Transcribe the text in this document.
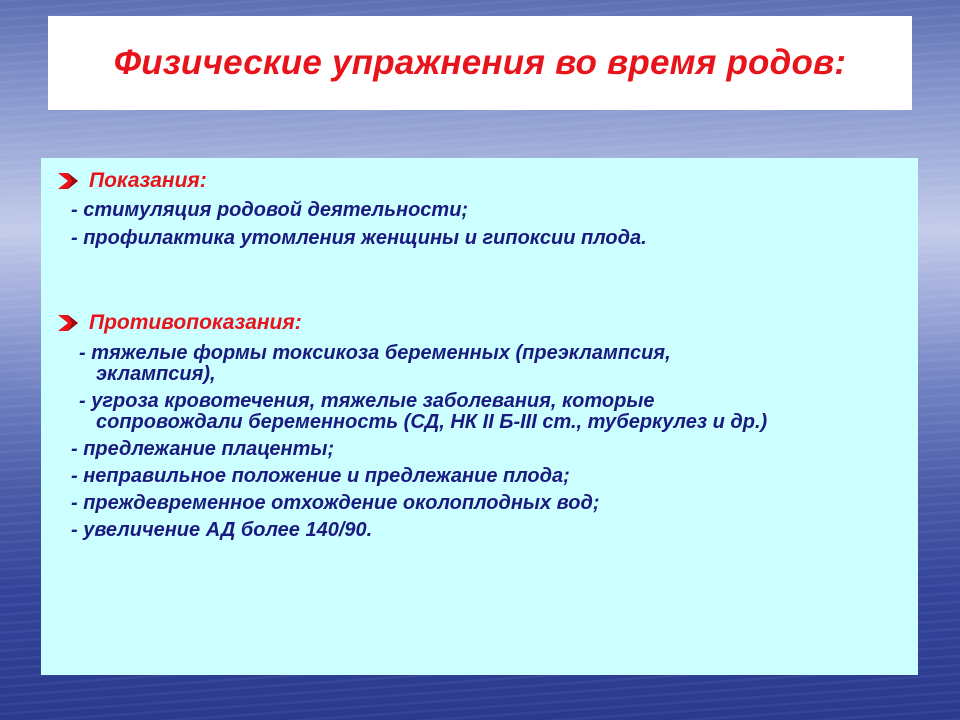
Физические упражнения во время родов:
Показания:
- стимуляция родовой деятельности;
- профилактика утомления женщины и гипоксии плода.
Противопоказания:
- тяжелые формы токсикоза беременных (преэклампсия,
эклампсия),
- угроза кровотечения, тяжелые заболевания, которые
сопровождали беременность (СД, НК II Б-III ст., туберкулез и др.)
- предлежание плаценты;
- неправильное положение и предлежание плода;
- преждевременное отхождение околоплодных вод;
- увеличение АД более 140/90.
